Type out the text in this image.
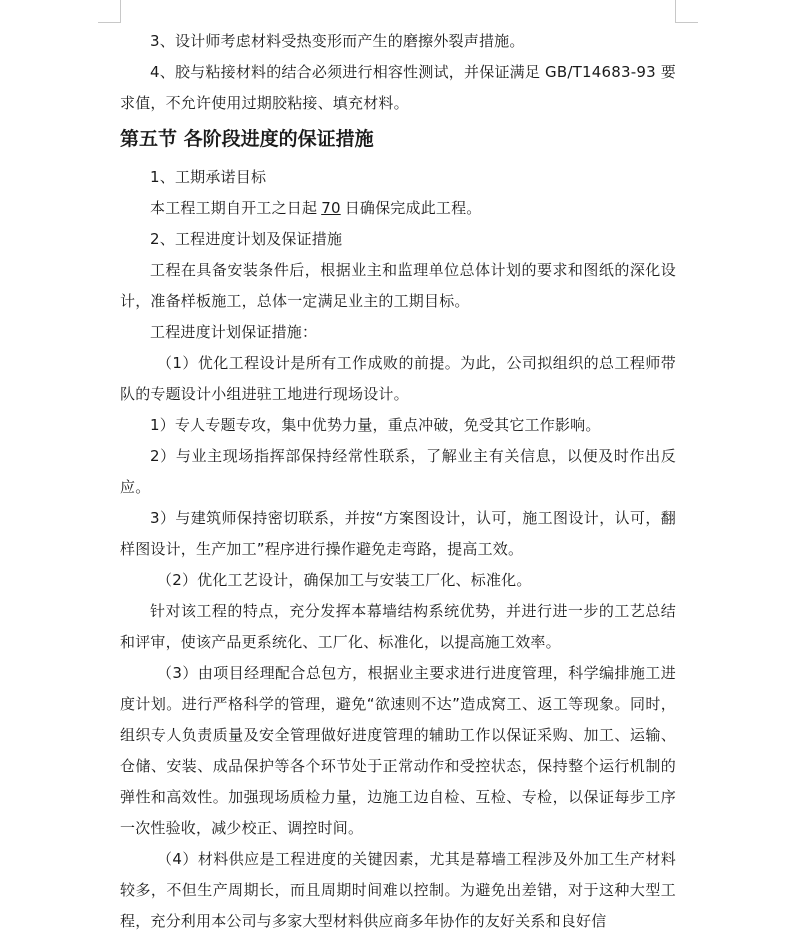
3、设计师考虑材料受热变形而产生的磨擦外裂声措施。

4、胶与粘接材料的结合必须进行相容性测试，并保证满足 GB/T14683-93 要求值，不允许使用过期胶粘接、填充材料。

第五节 各阶段进度的保证措施

1、工期承诺目标

本工程工期自开工之日起 70 日确保完成此工程。

2、工程进度计划及保证措施

工程在具备安装条件后，根据业主和监理单位总体计划的要求和图纸的深化设计，准备样板施工，总体一定满足业主的工期目标。

工程进度计划保证措施：

（1）优化工程设计是所有工作成败的前提。为此，公司拟组织的总工程师带队的专题设计小组进驻工地进行现场设计。

1）专人专题专攻，集中优势力量，重点冲破，免受其它工作影响。

2）与业主现场指挥部保持经常性联系，了解业主有关信息，以便及时作出反应。

3）与建筑师保持密切联系，并按“方案图设计，认可，施工图设计，认可，翻样图设计，生产加工”程序进行操作避免走弯路，提高工效。

（2）优化工艺设计，确保加工与安装工厂化、标准化。

针对该工程的特点，充分发挥本幕墙结构系统优势，并进行进一步的工艺总结和评审，使该产品更系统化、工厂化、标准化，以提高施工效率。

（3）由项目经理配合总包方，根据业主要求进行进度管理，科学编排施工进度计划。进行严格科学的管理，避免“欲速则不达”造成窝工、返工等现象。同时，组织专人负责质量及安全管理做好进度管理的辅助工作以保证采购、加工、运输、仓储、安装、成品保护等各个环节处于正常动作和受控状态，保持整个运行机制的弹性和高效性。加强现场质检力量，边施工边自检、互检、专检，以保证每步工序一次性验收，减少校正、调控时间。

（4）材料供应是工程进度的关键因素，尤其是幕墙工程涉及外加工生产材料较多，不但生产周期长，而且周期时间难以控制。为避免出差错，对于这种大型工程，充分利用本公司与多家大型材料供应商多年协作的友好关系和良好信
